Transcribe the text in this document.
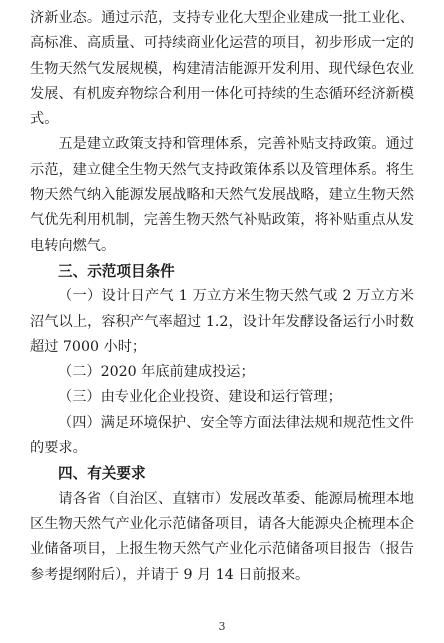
济新业态。通过示范，支持专业化大型企业建成一批工业化、高标准、高质量、可持续商业化运营的项目，初步形成一定的生物天然气发展规模，构建清洁能源开发利用、现代绿色农业发展、有机废弃物综合利用一体化可持续的生态循环经济新模式。

五是建立政策支持和管理体系，完善补贴支持政策。通过示范，建立健全生物天然气支持政策体系以及管理体系。将生物天然气纳入能源发展战略和天然气发展战略，建立生物天然气优先利用机制，完善生物天然气补贴政策，将补贴重点从发电转向燃气。

三、示范项目条件

（一）设计日产气 1 万立方米生物天然气或 2 万立方米沼气以上，容积产气率超过 1.2，设计年发酵设备运行小时数超过 7000 小时；

（二）2020 年底前建成投运；

（三）由专业化企业投资、建设和运行管理；

（四）满足环境保护、安全等方面法律法规和规范性文件的要求。

四、有关要求

请各省（自治区、直辖市）发展改革委、能源局梳理本地区生物天然气产业化示范储备项目，请各大能源央企梳理本企业储备项目，上报生物天然气产业化示范储备项目报告（报告参考提纲附后），并请于 9 月 14 日前报来。

3
